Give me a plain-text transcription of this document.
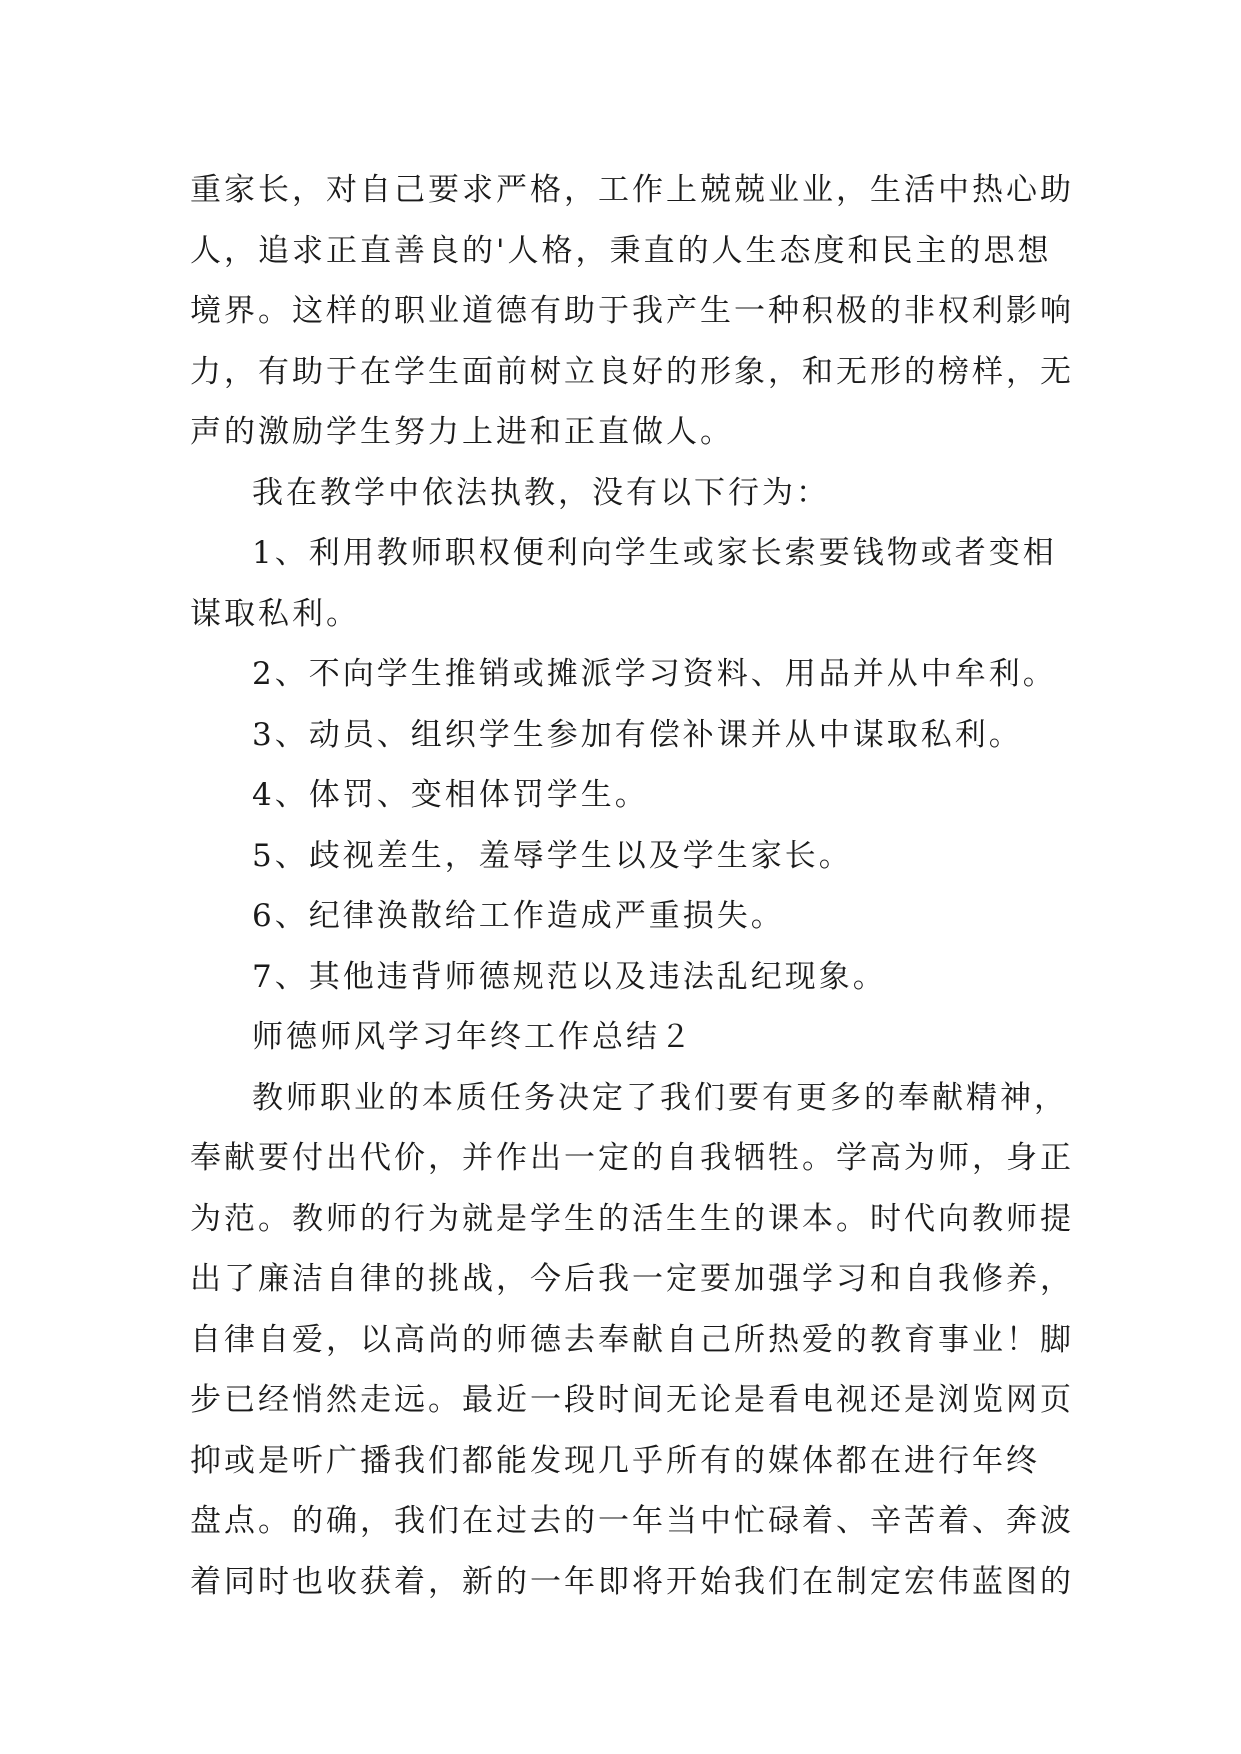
重家长，对自己要求严格，工作上兢兢业业，生活中热心助
人，追求正直善良的'人格，秉直的人生态度和民主的思想
境界。这样的职业道德有助于我产生一种积极的非权利影响
力，有助于在学生面前树立良好的形象，和无形的榜样，无
声的激励学生努力上进和正直做人。
我在教学中依法执教，没有以下行为：
1、利用教师职权便利向学生或家长索要钱物或者变相
谋取私利。
2、不向学生推销或摊派学习资料、用品并从中牟利。
3、动员、组织学生参加有偿补课并从中谋取私利。
4、体罚、变相体罚学生。
5、歧视差生，羞辱学生以及学生家长。
6、纪律涣散给工作造成严重损失。
7、其他违背师德规范以及违法乱纪现象。
师德师风学习年终工作总结２
教师职业的本质任务决定了我们要有更多的奉献精神，
奉献要付出代价，并作出一定的自我牺牲。学高为师，身正
为范。教师的行为就是学生的活生生的课本。时代向教师提
出了廉洁自律的挑战，今后我一定要加强学习和自我修养，
自律自爱，以高尚的师德去奉献自己所热爱的教育事业！脚
步已经悄然走远。最近一段时间无论是看电视还是浏览网页
抑或是听广播我们都能发现几乎所有的媒体都在进行年终
盘点。的确，我们在过去的一年当中忙碌着、辛苦着、奔波
着同时也收获着，新的一年即将开始我们在制定宏伟蓝图的
